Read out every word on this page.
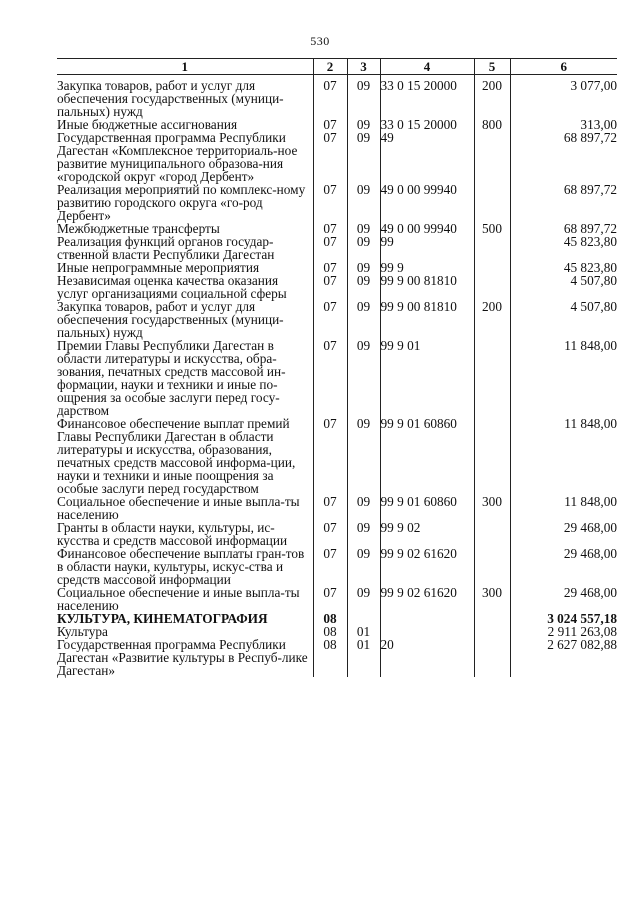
530
1	2	3	4	5	6
Закупка товаров, работ и услуг для обеспечения государственных (муници-пальных) нужд	07	09	33 0 15 20000	200	3 077,00
Иные бюджетные ассигнования	07	09	33 0 15 20000	800	313,00
Государственная программа Республики Дагестан «Комплексное территориаль-ное развитие муниципального образова-ния «городской округ «город Дербент»	07	09	49		68 897,72
Реализация мероприятий по комплекс-ному развитию городского округа «го-род Дербент»	07	09	49 0 00 99940		68 897,72
Межбюджетные трансферты	07	09	49 0 00 99940	500	68 897,72
Реализация функций органов государ-ственной власти Республики Дагестан	07	09	99		45 823,80
Иные непрограммные мероприятия	07	09	99 9		45 823,80
Независимая оценка качества оказания услуг организациями социальной сферы	07	09	99 9 00 81810		4 507,80
Закупка товаров, работ и услуг для обеспечения государственных (муници-пальных) нужд	07	09	99 9 00 81810	200	4 507,80
Премии Главы Республики Дагестан в области литературы и искусства, обра-зования, печатных средств массовой ин-формации, науки и техники и иные по-ощрения за особые заслуги перед госу-дарством	07	09	99 9 01		11 848,00
Финансовое обеспечение выплат премий Главы Республики Дагестан в области литературы и искусства, образования, печатных средств массовой информа-ции, науки и техники и иные поощрения за особые заслуги перед государством	07	09	99 9 01 60860		11 848,00
Социальное обеспечение и иные выпла-ты населению	07	09	99 9 01 60860	300	11 848,00
Гранты в области науки, культуры, ис-кусства и средств массовой информации	07	09	99 9 02		29 468,00
Финансовое обеспечение выплаты гран-тов в области науки, культуры, искус-ства и средств массовой информации	07	09	99 9 02 61620		29 468,00
Социальное обеспечение и иные выпла-ты населению	07	09	99 9 02 61620	300	29 468,00
КУЛЬТУРА, КИНЕМАТОГРАФИЯ	08				3 024 557,18
Культура	08	01			2 911 263,08
Государственная программа Республики Дагестан «Развитие культуры в Респуб-лике Дагестан»	08	01	20		2 627 082,88
